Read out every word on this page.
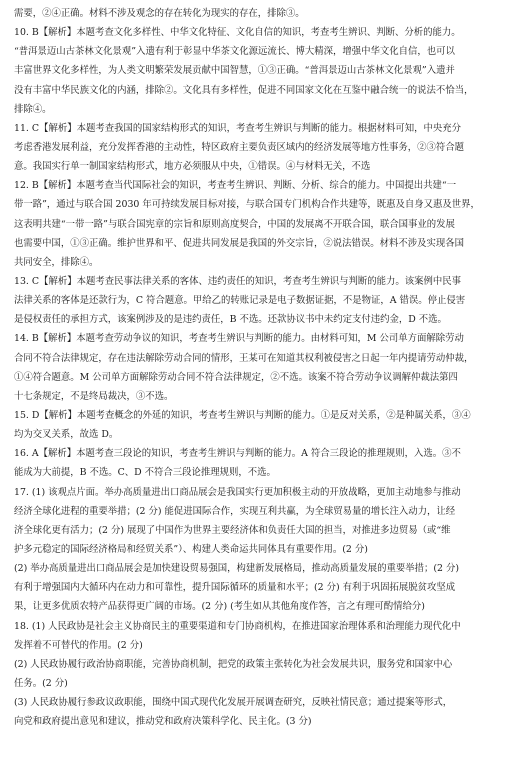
需要，②④正确。材料不涉及观念的存在转化为现实的存在，排除③。
10. B【解析】本题考查文化多样性、中华文化特征、文化自信的知识，考查考生辨识、判断、分析的能力。
“普洱景迈山古茶林文化景观”入遗有利于彰显中华茶文化源远流长、博大精深，增强中华文化自信，也可以
丰富世界文化多样性，为人类文明繁荣发展贡献中国智慧，①③正确。“普洱景迈山古茶林文化景观”入遗并
没有丰富中华民族文化的内涵，排除②。文化具有多样性，促进不同国家文化在互鉴中融合统一的说法不恰当，
排除④。
11. C【解析】本题考查我国的国家结构形式的知识，考查考生辨识与判断的能力。根据材料可知，中央充分
考虑香港发展利益，充分发挥香港的主动性，特区政府主要负责区域内的经济发展等地方性事务，②③符合题
意。我国实行单一制国家结构形式，地方必须服从中央，①错误。④与材料无关，不选
12. B【解析】本题考查当代国际社会的知识，考查考生辨识、判断、分析、综合的能力。中国提出共建“一
带一路”，通过与联合国 2030 年可持续发展目标对接，与联合国专门机构合作共建等，既惠及自身又惠及世界，
这表明共建“一带一路”与联合国宪章的宗旨和原则高度契合，中国的发展离不开联合国，联合国事业的发展
也需要中国，①③正确。维护世界和平、促进共同发展是我国的外交宗旨，②说法错误。材料不涉及实现各国
共同安全，排除④。
13. C【解析】本题考查民事法律关系的客体、违约责任的知识，考查考生辨识与判断的能力。该案例中民事
法律关系的客体是还款行为，C 符合题意。甲给乙的转账记录是电子数据证据，不是物证，A 错误。停止侵害
是侵权责任的承担方式，该案例涉及的是违约责任，B 不选。还款协议书中未约定支付违约金，D 不选。
14. B【解析】本题考查劳动争议的知识，考查考生辨识与判断的能力。由材料可知，M 公司单方面解除劳动
合同不符合法律规定，存在违法解除劳动合同的情形，王某可在知道其权利被侵害之日起一年内提请劳动仲裁，
①④符合题意。M 公司单方面解除劳动合同不符合法律规定，②不选。该案不符合劳动争议调解仲裁法第四
十七条规定，不是终局裁决，③不选。
15. D【解析】本题考查概念的外延的知识，考查考生辨识与判断的能力。①是反对关系，②是种属关系，③④
均为交叉关系，故选 D。
16. A【解析】本题考查三段论的知识，考查考生辨识与判断的能力。A 符合三段论的推理规则，入选。③不
能成为大前提，B 不选。C、D 不符合三段论推理规则，不选。
17. (1) 该观点片面。举办高质量进出口商品展会是我国实行更加积极主动的开放战略，更加主动地参与推动
经济全球化进程的重要举措；(2 分) 能促进国际合作，实现互利共赢，为全球贸易量的增长注入动力，让经
济全球化更有活力；(2 分) 展现了中国作为世界主要经济体和负责任大国的担当，对推进多边贸易（或“维
护多元稳定的国际经济格局和经贸关系”）、构建人类命运共同体具有重要作用。(2 分)
(2) 举办高质量进出口商品展会是加快建设贸易强国，构建新发展格局，推动高质量发展的重要举措；(2 分)
有利于增强国内大循环内在动力和可靠性，提升国际循环的质量和水平；(2 分) 有利于巩固拓展脱贫攻坚成
果，让更多优质农特产品获得更广阔的市场。(2 分) (考生如从其他角度作答，言之有理可酌情给分)
18. (1) 人民政协是社会主义协商民主的重要渠道和专门协商机构，在推进国家治理体系和治理能力现代化中
发挥着不可替代的作用。(2 分)
(2) 人民政协履行政治协商职能，完善协商机制，把党的政策主张转化为社会发展共识，服务党和国家中心
任务。(2 分)
(3) 人民政协履行参政议政职能，围绕中国式现代化发展开展调查研究，反映社情民意；通过提案等形式，
向党和政府提出意见和建议，推动党和政府决策科学化、民主化。(3 分)
